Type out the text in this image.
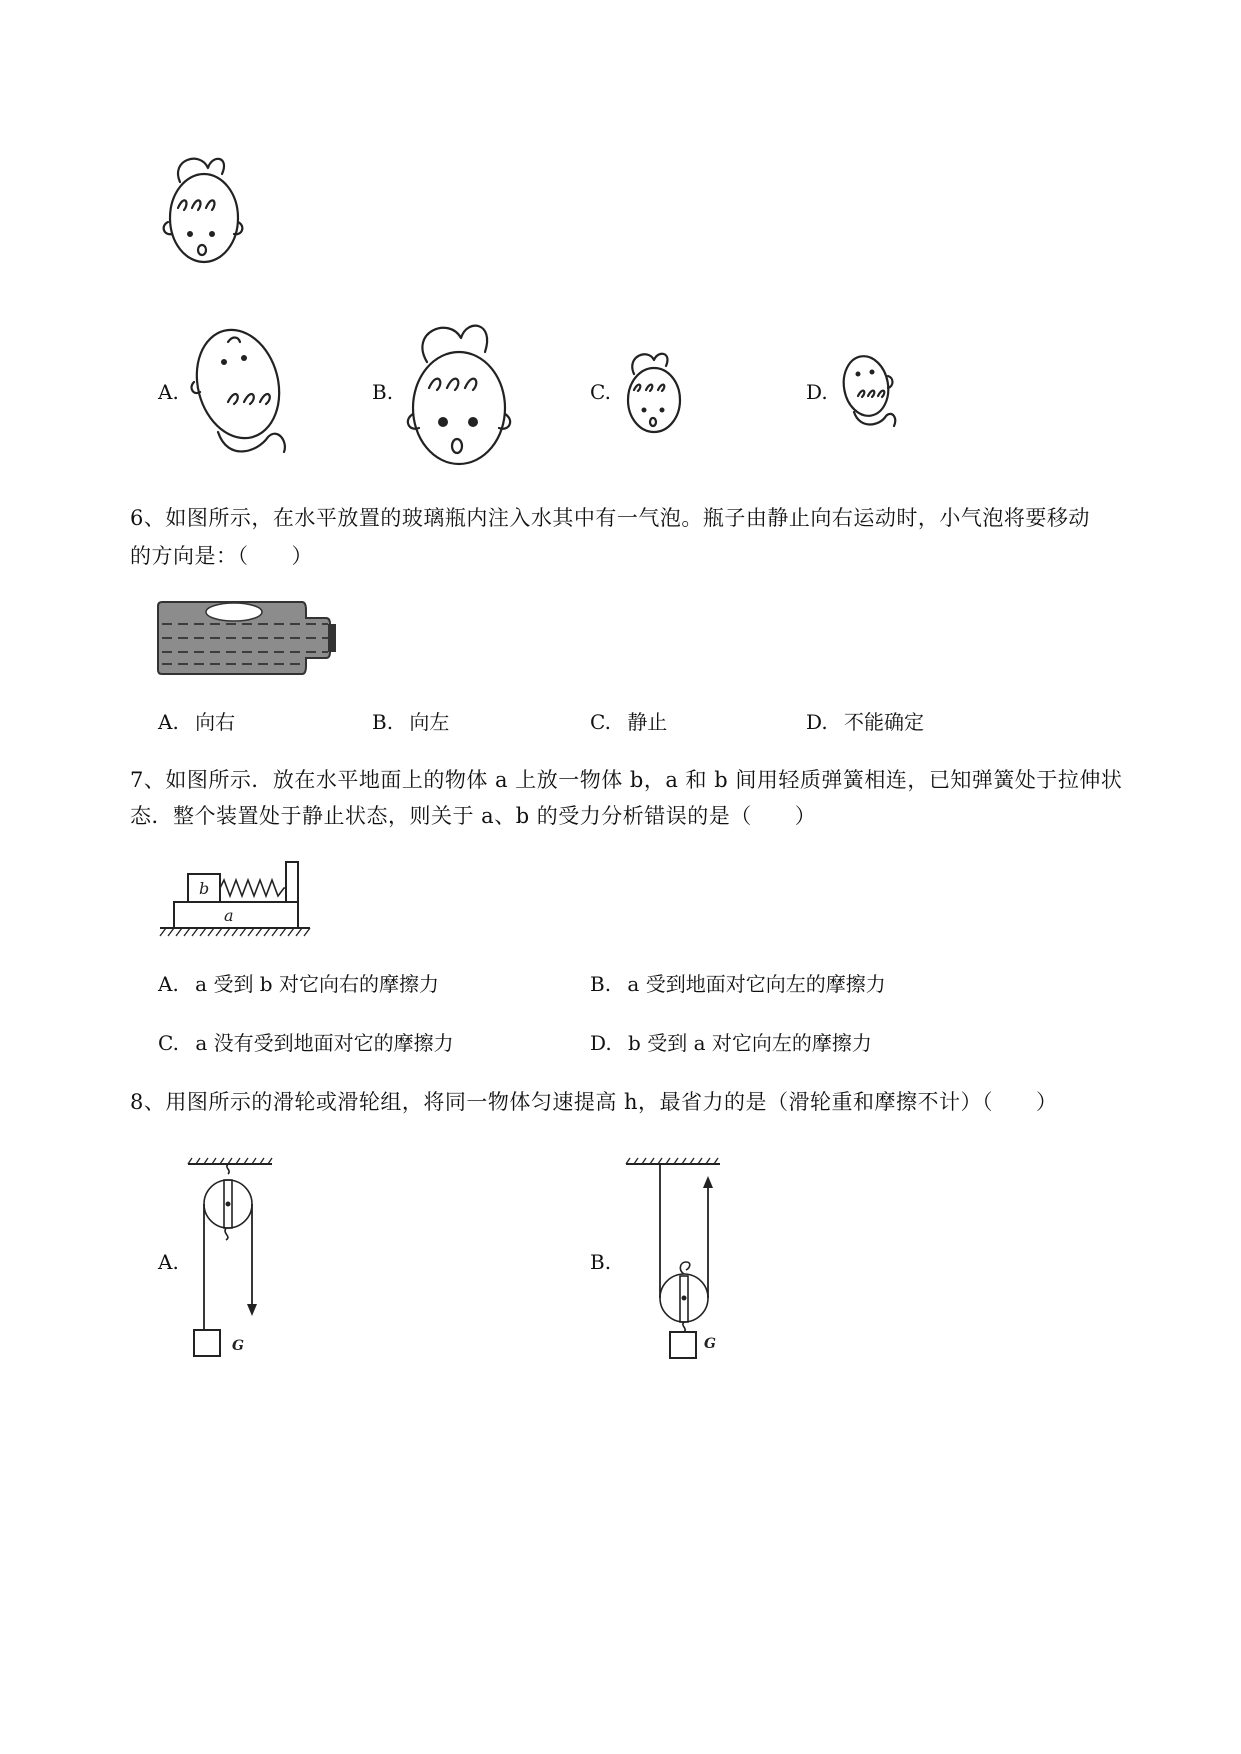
A.	B.	C.	D.
6、如图所示，在水平放置的玻璃瓶内注入水其中有一气泡。瓶子由静止向右运动时，小气泡将要移动
的方向是：（　　）
A. 向右	B. 向左	C. 静止	D. 不能确定
7、如图所示．放在水平地面上的物体 a 上放一物体 b，a 和 b 间用轻质弹簧相连，已知弹簧处于拉伸状
态．整个装置处于静止状态，则关于 a、b 的受力分析错误的是（　　）
b
a
A. a 受到 b 对它向右的摩擦力	B. a 受到地面对它向左的摩擦力
C. a 没有受到地面对它的摩擦力	D. b 受到 a 对它向左的摩擦力
8、用图所示的滑轮或滑轮组，将同一物体匀速提高 h，最省力的是（滑轮重和摩擦不计）（　　）
A.
G
B.
G
